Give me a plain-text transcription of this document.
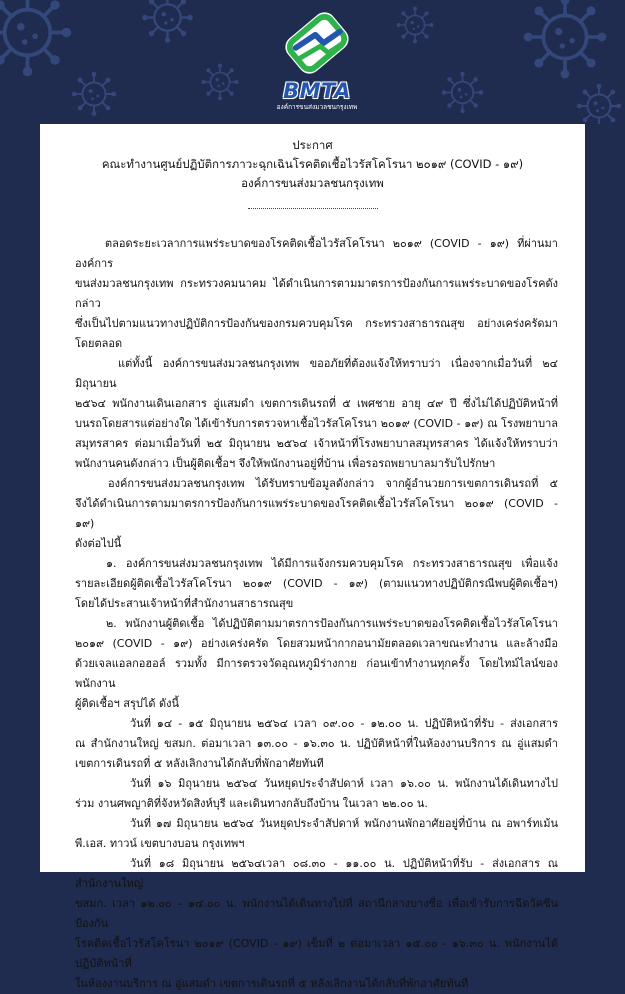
BMTA
องค์การขนส่งมวลชนกรุงเทพ
ประกาศ
คณะทำงานศูนย์ปฏิบัติการภาวะฉุกเฉินโรคติดเชื้อไวรัสโคโรนา ๒๐๑๙ (COVID - ๑๙)
องค์การขนส่งมวลชนกรุงเทพ
ตลอดระยะเวลาการแพร่ระบาดของโรคติดเชื้อไวรัสโคโรนา ๒๐๑๙ (COVID - ๑๙) ที่ผ่านมาองค์การ
ขนส่งมวลชนกรุงเทพ กระทรวงคมนาคม ได้ดำเนินการตามมาตรการป้องกันการแพร่ระบาดของโรคดังกล่าว
ซึ่งเป็นไปตามแนวทางปฏิบัติการป้องกันของกรมควบคุมโรค กระทรวงสาธารณสุข อย่างเคร่งครัดมาโดยตลอด
แต่ทั้งนี้ องค์การขนส่งมวลชนกรุงเทพ ขออภัยที่ต้องแจ้งให้ทราบว่า เนื่องจากเมื่อวันที่ ๒๔ มิถุนายน
๒๕๖๔ พนักงานเดินเอกสาร อู่แสมดำ เขตการเดินรถที่ ๕ เพศชาย อายุ ๔๙ ปี ซึ่งไม่ได้ปฏิบัติหน้าที่
บนรถโดยสารแต่อย่างใด ได้เข้ารับการตรวจหาเชื้อไวรัสโคโรนา ๒๐๑๙ (COVID - ๑๙) ณ โรงพยาบาล
สมุทรสาคร ต่อมาเมื่อวันที่ ๒๕ มิถุนายน ๒๕๖๔ เจ้าหน้าที่โรงพยาบาลสมุทรสาคร ได้แจ้งให้ทราบว่า
พนักงานคนดังกล่าว เป็นผู้ติดเชื้อฯ จึงให้พนักงานอยู่ที่บ้าน เพื่อรอรถพยาบาลมารับไปรักษา
องค์การขนส่งมวลชนกรุงเทพ ได้รับทราบข้อมูลดังกล่าว จากผู้อำนวยการเขตการเดินรถที่ ๕
จึงได้ดำเนินการตามมาตรการป้องกันการแพร่ระบาดของโรคติดเชื้อไวรัสโคโรนา ๒๐๑๙ (COVID - ๑๙)
ดังต่อไปนี้
๑. องค์การขนส่งมวลชนกรุงเทพ ได้มีการแจ้งกรมควบคุมโรค กระทรวงสาธารณสุข เพื่อแจ้ง
รายละเอียดผู้ติดเชื้อไวรัสโคโรนา ๒๐๑๙ (COVID - ๑๙) (ตามแนวทางปฏิบัติกรณีพบผู้ติดเชื้อฯ)
โดยได้ประสานเจ้าหน้าที่สำนักงานสาธารณสุข
๒. พนักงานผู้ติดเชื้อ ได้ปฏิบัติตามมาตรการป้องกันการแพร่ระบาดของโรคติดเชื้อไวรัสโคโรนา
๒๐๑๙ (COVID - ๑๙) อย่างเคร่งครัด โดยสวมหน้ากากอนามัยตลอดเวลาขณะทำงาน และล้างมือ
ด้วยเจลแอลกอฮอล์ รวมทั้ง มีการตรวจวัดอุณหภูมิร่างกาย ก่อนเข้าทำงานทุกครั้ง โดยไทม์ไลน์ของพนักงาน
ผู้ติดเชื้อฯ สรุปได้ ดังนี้
วันที่ ๑๔ - ๑๕ มิถุนายน ๒๕๖๔ เวลา ๐๙.๐๐ - ๑๒.๐๐ น. ปฏิบัติหน้าที่รับ - ส่งเอกสาร
ณ สำนักงานใหญ่ ขสมก. ต่อมาเวลา ๑๓.๐๐ - ๑๖.๓๐ น. ปฏิบัติหน้าที่ในห้องงานบริการ ณ อู่แสมดำ
เขตการเดินรถที่ ๕ หลังเลิกงานได้กลับที่พักอาศัยทันที
วันที่ ๑๖ มิถุนายน ๒๕๖๔ วันหยุดประจำสัปดาห์ เวลา ๑๖.๐๐ น. พนักงานได้เดินทางไป
ร่วม งานศพญาติที่จังหวัดสิงห์บุรี และเดินทางกลับถึงบ้าน ในเวลา ๒๒.๐๐ น.
วันที่ ๑๗ มิถุนายน ๒๕๖๔ วันหยุดประจำสัปดาห์ พนักงานพักอาศัยอยู่ที่บ้าน ณ อพาร์ทเม้น
พี.เอส. ทาวน์ เขตบางบอน กรุงเทพฯ
วันที่ ๑๘ มิถุนายน ๒๕๖๔เวลา ๐๘.๓๐ - ๑๑.๐๐ น. ปฏิบัติหน้าที่รับ - ส่งเอกสาร ณ สำนักงานใหญ่
ขสมก. เวลา ๑๒.๐๐ – ๑๔.๐๐ น. พนักงานได้เดินทางไปที่ สถานีกลางบางซื่อ เพื่อเข้ารับการฉีดวัคซีนป้องกัน
โรคติดเชื้อไวรัสโคโรนา ๒๐๑๙ (COVID - ๑๙) เข็มที่ ๒ ต่อมาเวลา ๑๕.๐๐ - ๑๖.๓๐ น. พนักงานได้ปฏิบัติหน้าที่
ในห้องงานบริการ ณ อู่แสมดำ เขตการเดินรถที่ ๕ หลังเลิกงานได้กลับที่พักอาศัยทันที
